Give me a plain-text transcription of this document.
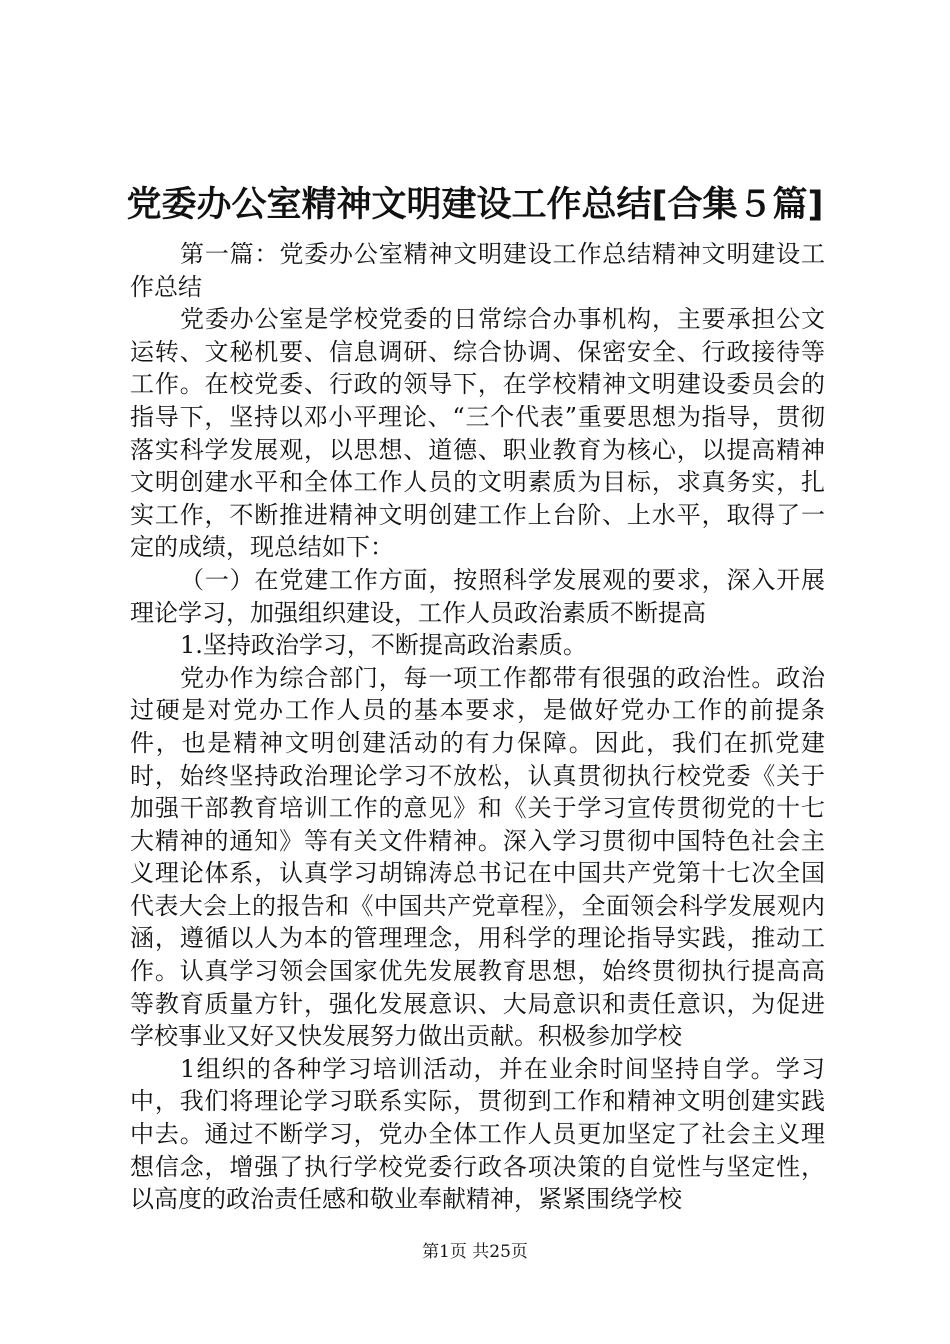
党委办公室精神文明建设工作总结[合集５篇]

第一篇：党委办公室精神文明建设工作总结精神文明建设工作总结

党委办公室是学校党委的日常综合办事机构，主要承担公文运转、文秘机要、信息调研、综合协调、保密安全、行政接待等工作。在校党委、行政的领导下，在学校精神文明建设委员会的指导下，坚持以邓小平理论、“三个代表”重要思想为指导，贯彻落实科学发展观，以思想、道德、职业教育为核心，以提高精神文明创建水平和全体工作人员的文明素质为目标，求真务实，扎实工作，不断推进精神文明创建工作上台阶、上水平，取得了一定的成绩，现总结如下：

（一）在党建工作方面，按照科学发展观的要求，深入开展理论学习，加强组织建设，工作人员政治素质不断提高

1.坚持政治学习，不断提高政治素质。

党办作为综合部门，每一项工作都带有很强的政治性。政治过硬是对党办工作人员的基本要求，是做好党办工作的前提条件，也是精神文明创建活动的有力保障。因此，我们在抓党建时，始终坚持政治理论学习不放松，认真贯彻执行校党委《关于加强干部教育培训工作的意见》和《关于学习宣传贯彻党的十七大精神的通知》等有关文件精神。深入学习贯彻中国特色社会主义理论体系，认真学习胡锦涛总书记在中国共产党第十七次全国代表大会上的报告和《中国共产党章程》，全面领会科学发展观内涵，遵循以人为本的管理理念，用科学的理论指导实践，推动工作。认真学习领会国家优先发展教育思想，始终贯彻执行提高高等教育质量方针，强化发展意识、大局意识和责任意识，为促进学校事业又好又快发展努力做出贡献。积极参加学校

1组织的各种学习培训活动，并在业余时间坚持自学。学习中，我们将理论学习联系实际，贯彻到工作和精神文明创建实践中去。通过不断学习，党办全体工作人员更加坚定了社会主义理想信念，增强了执行学校党委行政各项决策的自觉性与坚定性，以高度的政治责任感和敬业奉献精神，紧紧围绕学校

第1页 共25页
